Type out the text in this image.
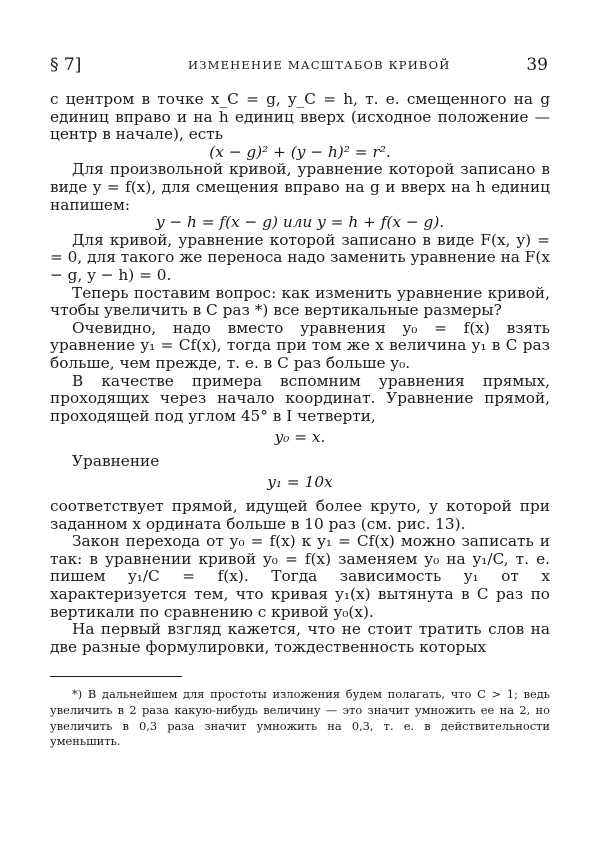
§ 7]	ИЗМЕНЕНИЕ МАСШТАБОВ КРИВОЙ	39

с центром в точке x_C = g, y_C = h, т. е. смещенного на g единиц вправо и на h единиц вверх (исходное положение — центр в начале), есть

(x − g)² + (y − h)² = r².

Для произвольной кривой, уравнение которой записано в виде y = f(x), для смещения вправо на g и вверх на h единиц напишем:

y − h = f(x − g) или y = h + f(x − g).

Для кривой, уравнение которой записано в виде F(x, y) = = 0, для такого же переноса надо заменить уравнение на F(x − g, y − h) = 0.

Теперь поставим вопрос: как изменить уравнение кривой, чтобы увеличить в C раз *) все вертикальные размеры?

Очевидно, надо вместо уравнения y₀ = f(x) взять уравнение y₁ = Cf(x), тогда при том же x величина y₁ в C раз больше, чем прежде, т. е. в C раз больше y₀.

В качестве примера вспомним уравнения прямых, проходящих через начало координат. Уравнение прямой, проходящей под углом 45° в I четверти,

y₀ = x.

Уравнение

y₁ = 10x

соответствует прямой, идущей более круто, у которой при заданном x ордината больше в 10 раз (см. рис. 13).

Закон перехода от y₀ = f(x) к y₁ = Cf(x) можно записать и так: в уравнении кривой y₀ = f(x) заменяем y₀ на y₁/C, т. е. пишем y₁/C = f(x). Тогда зависимость y₁ от x характеризуется тем, что кривая y₁(x) вытянута в C раз по вертикали по сравнению с кривой y₀(x).

На первый взгляд кажется, что не стоит тратить слов на две разные формулировки, тождественность которых

*) В дальнейшем для простоты изложения будем полагать, что C > 1; ведь увеличить в 2 раза какую-нибудь величину — это значит умножить ее на 2, но увеличить в 0,3 раза значит умножить на 0,3, т. е. в действительности уменьшить.
